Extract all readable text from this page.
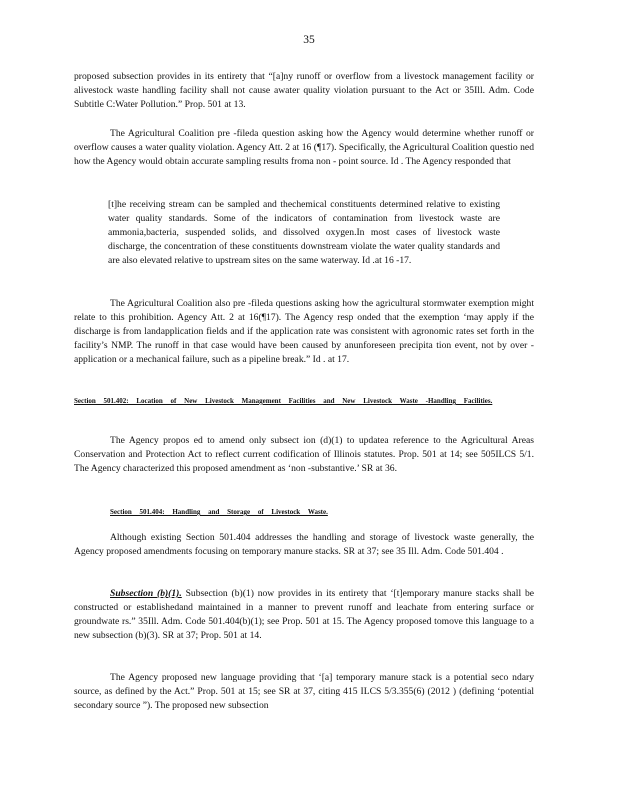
35

proposed subsection provides in its entirety that “[a]ny runoff or overflow from a livestock management facility or alivestock waste handling facility shall not cause awater quality violation pursuant to the Act or 35Ill. Adm. Code Subtitle C:Water Pollution.” Prop. 501 at 13.

The Agricultural Coalition pre -fileda question asking how the Agency would determine whether runoff or overflow causes a water quality violation. Agency Att. 2 at 16 (¶17). Specifically, the Agricultural Coalition questio ned how the Agency would obtain accurate sampling results froma non - point source. Id . The Agency responded that

[t]he receiving stream can be sampled and thechemical constituents determined relative to existing water quality standards. Some of the indicators of contamination from livestock waste are ammonia,bacteria, suspended solids, and dissolved oxygen.In most cases of livestock waste discharge, the concentration of these constituents downstream violate the water quality standards and are also elevated relative to upstream sites on the same waterway. Id .at 16 -17.

The Agricultural Coalition also pre -fileda questions asking how the agricultural stormwater exemption might relate to this prohibition. Agency Att. 2 at 16(¶17). The Agency resp onded that the exemption ‘may apply if the discharge is from landapplication fields and if the application rate was consistent with agronomic rates set forth in the facility’s NMP. The runoff in that case would have been caused by anunforeseen precipita tion event, not by over - application or a mechanical failure, such as a pipeline break.” Id . at 17.

Section 501.402: Location of New Livestock Management Facilities and New Livestock Waste -Handling Facilities.

The Agency propos ed to amend only subsect ion (d)(1) to updatea reference to the Agricultural Areas Conservation and Protection Act to reflect current codification of Illinois statutes. Prop. 501 at 14; see 505ILCS 5/1. The Agency characterized this proposed amendment as ‘non -substantive.’ SR at 36.

Section 501.404: Handling and Storage of Livestock Waste.

Although existing Section 501.404 addresses the handling and storage of livestock waste generally, the Agency proposed amendments focusing on temporary manure stacks. SR at 37; see 35 Ill. Adm. Code 501.404 .

Subsection (b)(1). Subsection (b)(1) now provides in its entirety that ‘[t]emporary manure stacks shall be constructed or establishedand maintained in a manner to prevent runoff and leachate from entering surface or groundwate rs.” 35Ill. Adm. Code 501.404(b)(1); see Prop. 501 at 15. The Agency proposed tomove this language to a new subsection (b)(3). SR at 37; Prop. 501 at 14.

The Agency proposed new language providing that ‘[a] temporary manure stack is a potential seco ndary source, as defined by the Act.” Prop. 501 at 15; see SR at 37, citing 415 ILCS 5/3.355(6) (2012 ) (defining ‘potential secondary source ”). The proposed new subsection
